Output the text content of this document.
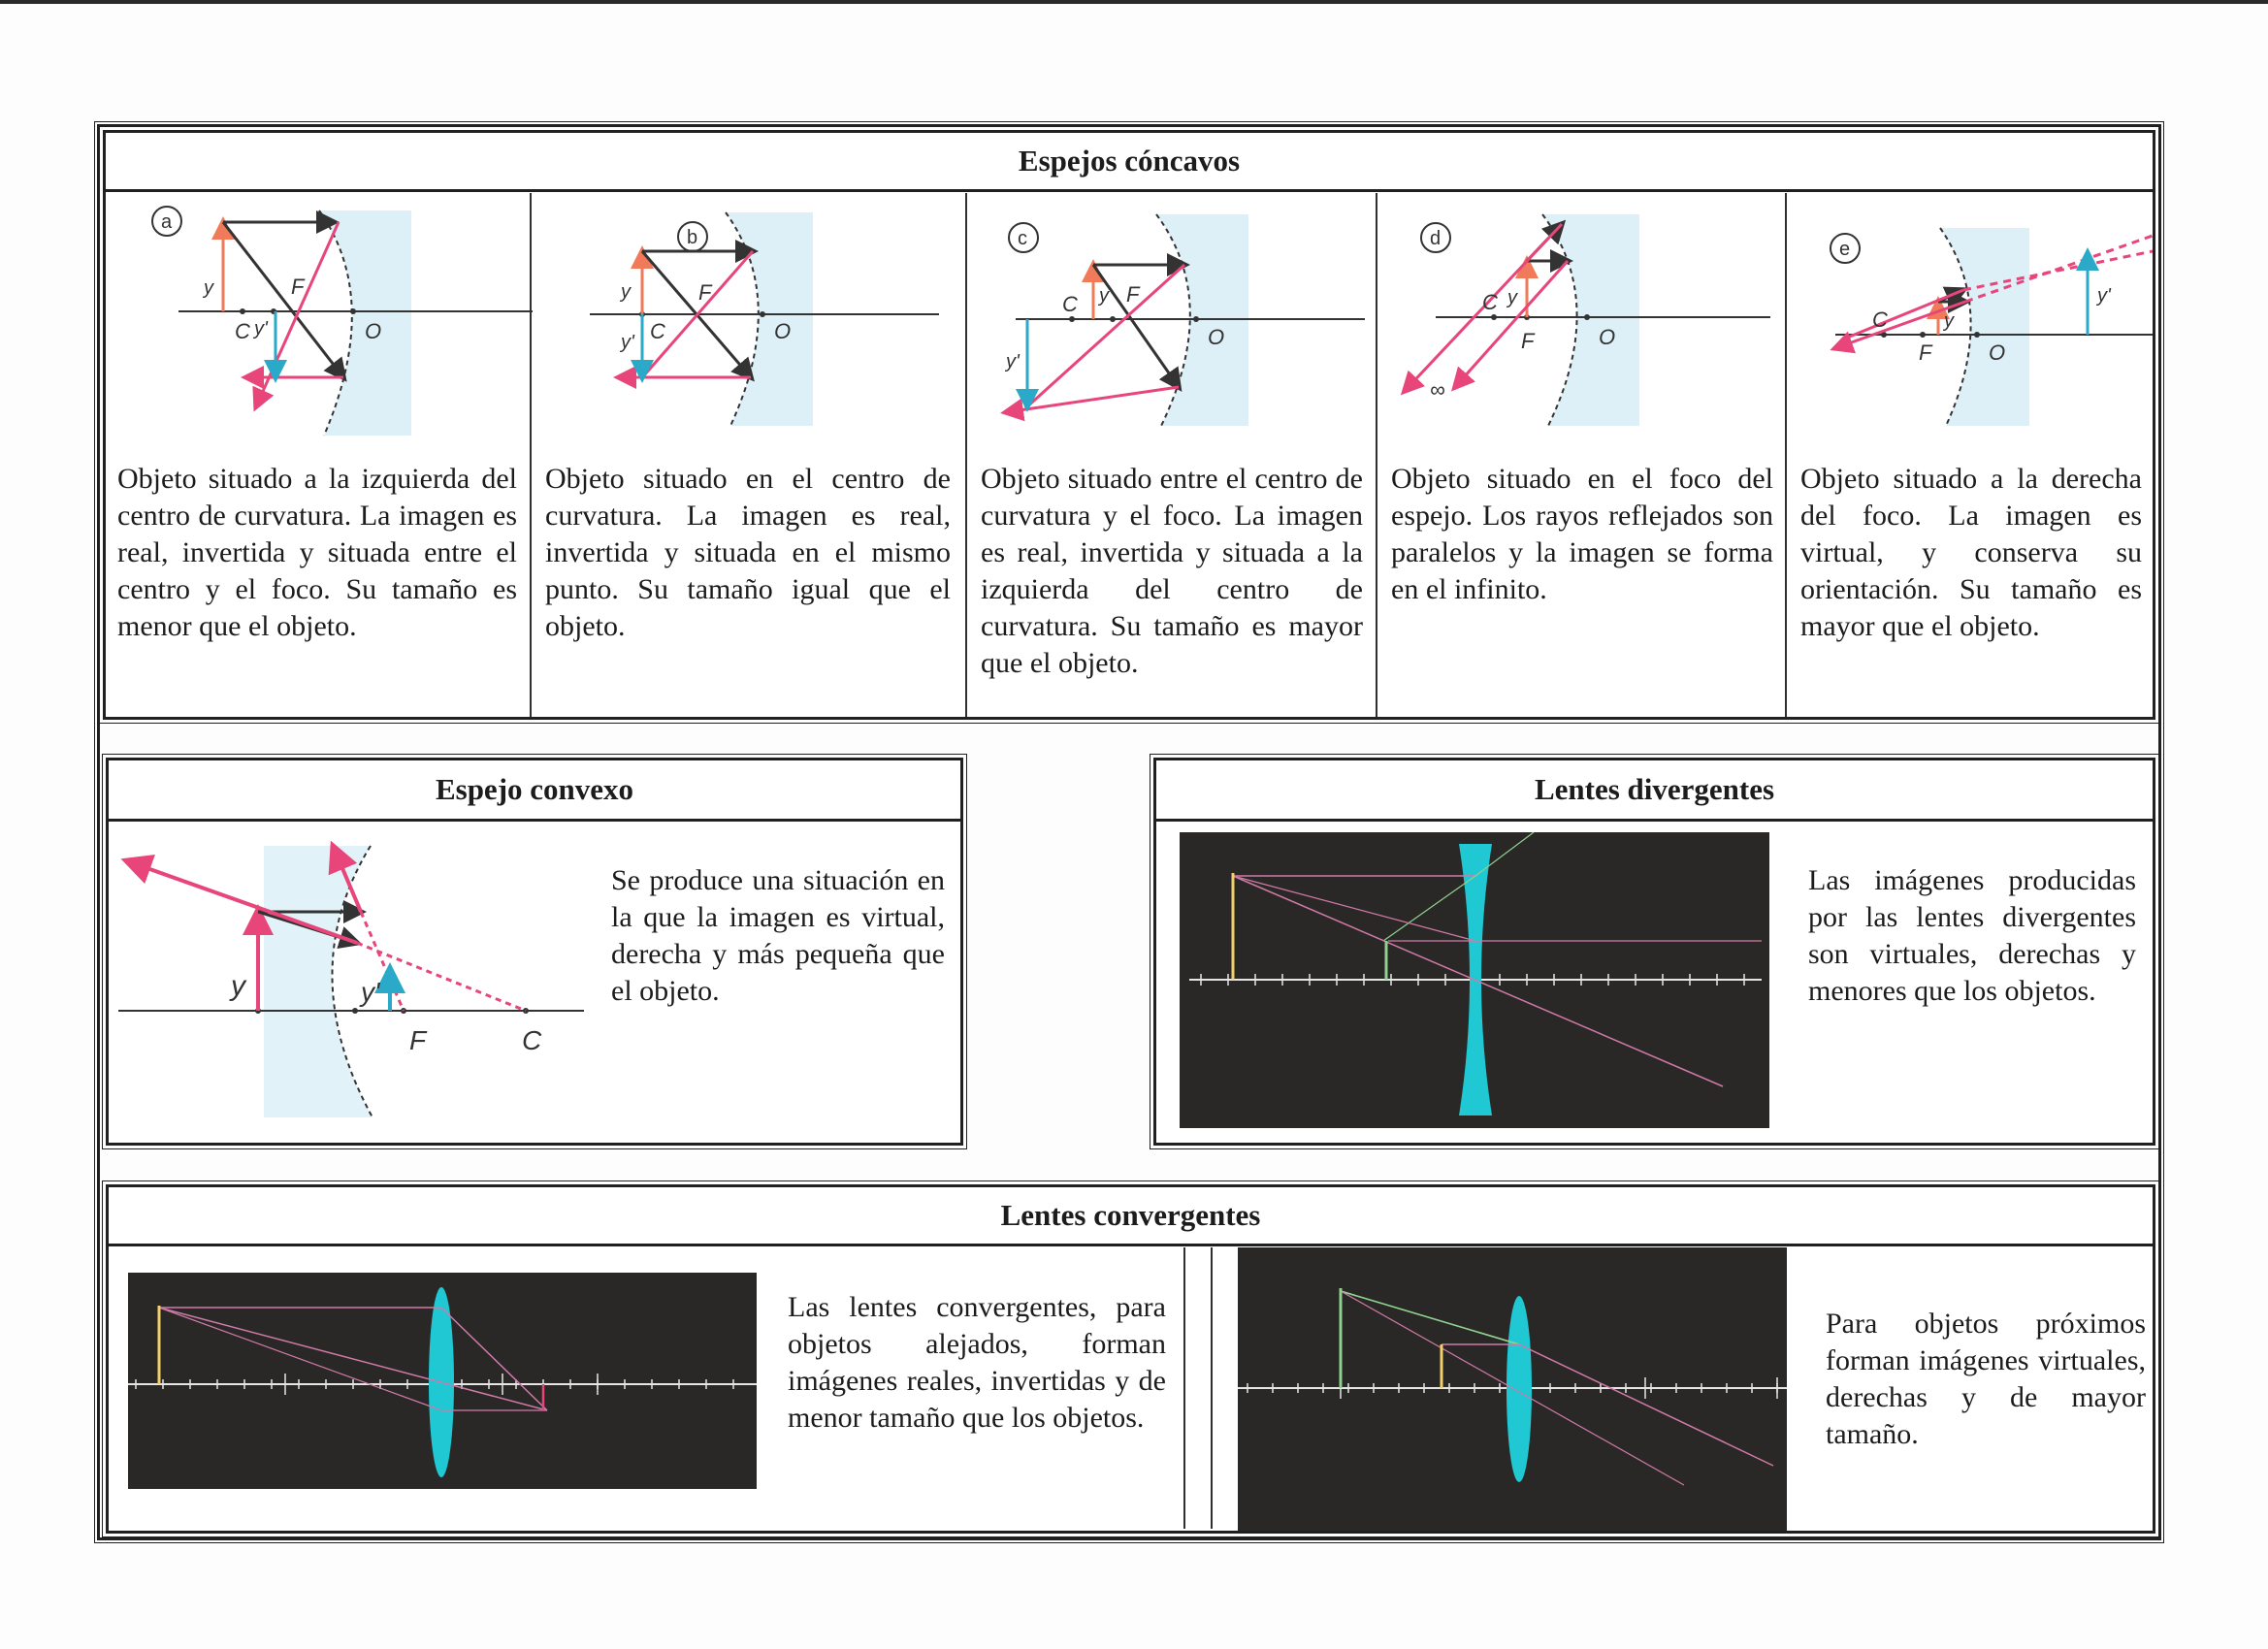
Espejos cóncavos
y
C y'
F
O
a
Objeto situado a la izquierda del centro de curvatura. La imagen es real, invertida y situada entre el centro y el foco. Su tamaño es menor que el objeto.
y
y' C
F
O
b
Objeto situado en el centro de curvatura. La imagen es real, invertida y situada en el mismo punto. Su tamaño igual que el objeto.
C y F
y'
O
c
Objeto situado entre el centro de curvatura y el foco. La imagen es real, invertida y situada a la izquierda del centro de curvatura. Su tamaño es mayor que el objeto.
C y
F	O
∞
d
Objeto situado en el foco del espejo. Los rayos reflejados son paralelos y la imagen se forma en el infinito.
C
F
y
O
y'
e
Objeto situado a la derecha del foco. La imagen es virtual, y conserva su orientación. Su tamaño es mayor que el objeto.
Espejo convexo
y	y'
F	C
Se produce una situación en la que la imagen es virtual, derecha y más pequeña que el objeto.
Lentes divergentes
Las imágenes producidas por las lentes divergentes son virtuales, derechas y menores que los objetos.
Lentes convergentes
Las lentes convergentes, para objetos alejados, forman imágenes reales, invertidas y de menor tamaño que los objetos.
Para objetos próximos forman imágenes virtuales, derechas y de mayor tamaño.
